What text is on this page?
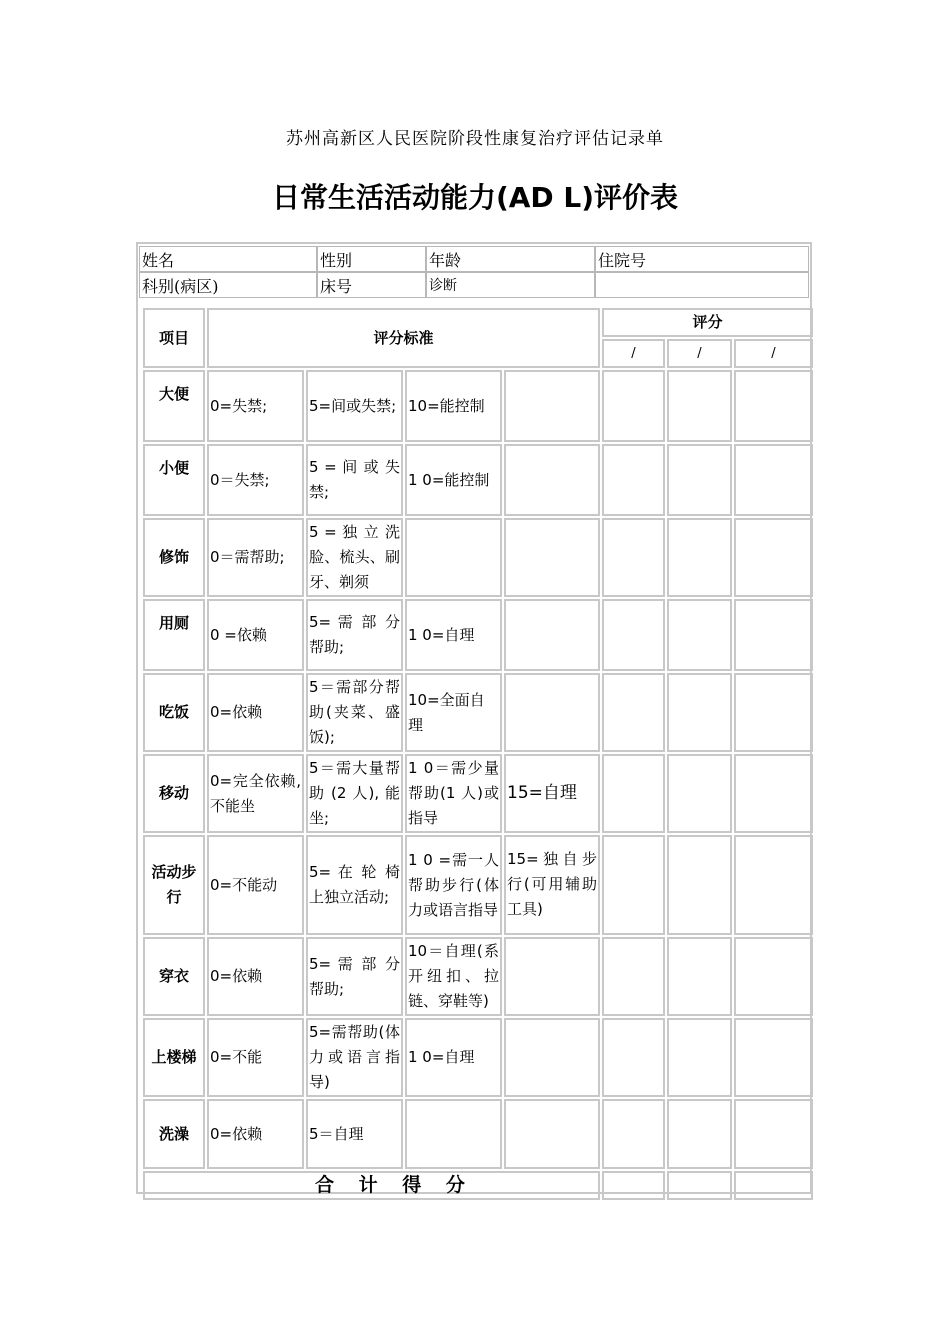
苏州高新区人民医院阶段性康复治疗评估记录单
日常生活活动能力(AD L)评价表
姓名	性别	年龄	住院号
科别(病区)	床号	诊断	
项目	评分标准				评分		
					/	/	/
大便	0=失禁;	5=间或失禁;	10=能控制				
小便	0＝失禁;	5 = 间 或 失禁;	1 0=能控制				
修饰	0＝需帮助;	5 = 独 立 洗脸、梳头、刷牙、剃须					
用厕	0 =依赖	5= 需 部 分 帮助;	1 0=自理				
吃饭	0=依赖	5＝需部分帮助(夹菜、盛饭);	10=全面自理				
移动	0=完全依赖,不能坐	5＝需大量帮助 (2 人), 能坐;	1 0＝需少量帮助(1 人)或指导	15=自理			
活动步行	0=不能动	5= 在 轮 椅 上独立活动;	1 0 =需一人帮助步行(体力或语言指导	15=独自步行(可用辅助工具)			
穿衣	0=依赖	5= 需 部 分 帮助;	10＝自理(系开纽扣、拉链、穿鞋等)				
上楼梯	0=不能	5=需帮助(体力或语言指导)	1 0=自理				
洗澡	0=依赖	5＝自理					
合 计 得 分							
